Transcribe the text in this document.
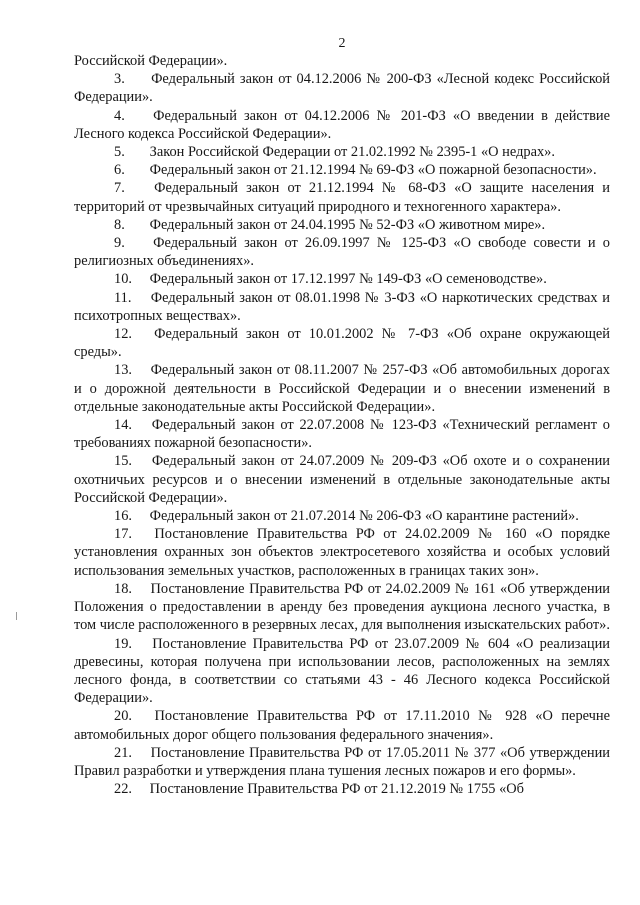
2

Российской Федерации».

3. Федеральный закон от 04.12.2006 № 200-ФЗ «Лесной кодекс Российской Федерации».

4. Федеральный закон от 04.12.2006 № 201-ФЗ «О введении в действие Лесного кодекса Российской Федерации».

5. Закон Российской Федерации от 21.02.1992 № 2395-1 «О недрах».

6. Федеральный закон от 21.12.1994 № 69-ФЗ «О пожарной безопасности».

7. Федеральный закон от 21.12.1994 № 68-ФЗ «О защите населения и территорий от чрезвычайных ситуаций природного и техногенного характера».

8. Федеральный закон от 24.04.1995 № 52-ФЗ «О животном мире».

9. Федеральный закон от 26.09.1997 № 125-ФЗ «О свободе совести и о религиозных объединениях».

10. Федеральный закон от 17.12.1997 № 149-ФЗ «О семеноводстве».

11. Федеральный закон от 08.01.1998 № 3-ФЗ «О наркотических средствах и психотропных веществах».

12. Федеральный закон от 10.01.2002 № 7-ФЗ «Об охране окружающей среды».

13. Федеральный закон от 08.11.2007 № 257-ФЗ «Об автомобильных дорогах и о дорожной деятельности в Российской Федерации и о внесении изменений в отдельные законодательные акты Российской Федерации».

14. Федеральный закон от 22.07.2008 № 123-ФЗ «Технический регламент о требованиях пожарной безопасности».

15. Федеральный закон от 24.07.2009 № 209-ФЗ «Об охоте и о сохранении охотничьих ресурсов и о внесении изменений в отдельные законодательные акты Российской Федерации».

16. Федеральный закон от 21.07.2014 № 206-ФЗ «О карантине растений».

17. Постановление Правительства РФ от 24.02.2009 № 160 «О порядке установления охранных зон объектов электросетевого хозяйства и особых условий использования земельных участков, расположенных в границах таких зон».

18. Постановление Правительства РФ от 24.02.2009 № 161 «Об утверждении Положения о предоставлении в аренду без проведения аукциона лесного участка, в том числе расположенного в резервных лесах, для выполнения изыскательских работ».

19. Постановление Правительства РФ от 23.07.2009 № 604 «О реализации древесины, которая получена при использовании лесов, расположенных на землях лесного фонда, в соответствии со статьями 43 - 46 Лесного кодекса Российской Федерации».

20. Постановление Правительства РФ от 17.11.2010 № 928 «О перечне автомобильных дорог общего пользования федерального значения».

21. Постановление Правительства РФ от 17.05.2011 № 377 «Об утверждении Правил разработки и утверждения плана тушения лесных пожаров и его формы».

22. Постановление Правительства РФ от 21.12.2019 № 1755 «Об
